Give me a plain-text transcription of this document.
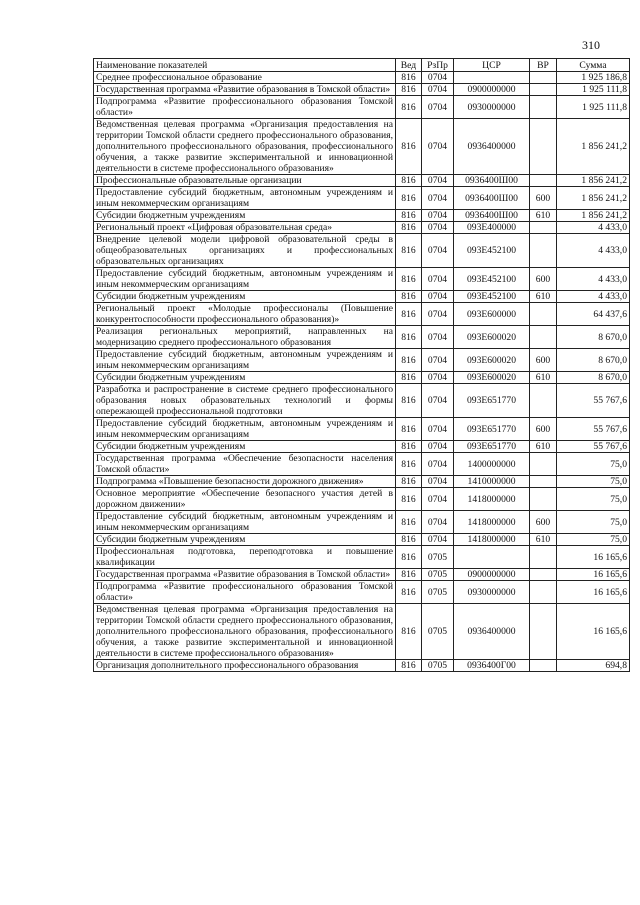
310
Наименование показателей	Вед	РзПр	ЦСР	ВР	Сумма
Среднее профессиональное образование	816	0704			1 925 186,8
Государственная программа «Развитие образования в Томской области»	816	0704	0900000000		1 925 111,8
Подпрограмма «Развитие профессионального образования Томской области»	816	0704	0930000000		1 925 111,8
Ведомственная целевая программа «Организация предоставления на территории Томской области среднего профессионального образования, дополнительного профессионального образования, профессионального обучения, а также развитие экспериментальной и инновационной деятельности в системе профессионального образования»	816	0704	0936400000		1 856 241,2
Профессиональные образовательные организации	816	0704	0936400Ш00		1 856 241,2
Предоставление субсидий бюджетным, автономным учреждениям и иным некоммерческим организациям	816	0704	0936400Ш00	600	1 856 241,2
Субсидии бюджетным учреждениям	816	0704	0936400Ш00	610	1 856 241,2
Региональный проект «Цифровая образовательная среда»	816	0704	093E400000		4 433,0
Внедрение целевой модели цифровой образовательной среды в общеобразовательных организациях и профессиональных образовательных организациях	816	0704	093E452100		4 433,0
Предоставление субсидий бюджетным, автономным учреждениям и иным некоммерческим организациям	816	0704	093E452100	600	4 433,0
Субсидии бюджетным учреждениям	816	0704	093E452100	610	4 433,0
Региональный проект «Молодые профессионалы (Повышение конкурентоспособности профессионального образования)»	816	0704	093E600000		64 437,6
Реализация региональных мероприятий, направленных на модернизацию среднего профессионального образования	816	0704	093E600020		8 670,0
Предоставление субсидий бюджетным, автономным учреждениям и иным некоммерческим организациям	816	0704	093E600020	600	8 670,0
Субсидии бюджетным учреждениям	816	0704	093E600020	610	8 670,0
Разработка и распространение в системе среднего профессионального образования новых образовательных технологий и формы опережающей профессиональной подготовки	816	0704	093E651770		55 767,6
Предоставление субсидий бюджетным, автономным учреждениям и иным некоммерческим организациям	816	0704	093E651770	600	55 767,6
Субсидии бюджетным учреждениям	816	0704	093E651770	610	55 767,6
Государственная программа «Обеспечение безопасности населения Томской области»	816	0704	1400000000		75,0
Подпрограмма «Повышение безопасности дорожного движения»	816	0704	1410000000		75,0
Основное мероприятие «Обеспечение безопасного участия детей в дорожном движении»	816	0704	1418000000		75,0
Предоставление субсидий бюджетным, автономным учреждениям и иным некоммерческим организациям	816	0704	1418000000	600	75,0
Субсидии бюджетным учреждениям	816	0704	1418000000	610	75,0
Профессиональная подготовка, переподготовка и повышение квалификации	816	0705			16 165,6
Государственная программа «Развитие образования в Томской области»	816	0705	0900000000		16 165,6
Подпрограмма «Развитие профессионального образования Томской области»	816	0705	0930000000		16 165,6
Ведомственная целевая программа «Организация предоставления на территории Томской области среднего профессионального образования, дополнительного профессионального образования, профессионального обучения, а также развитие экспериментальной и инновационной деятельности в системе профессионального образования»	816	0705	0936400000		16 165,6
Организация дополнительного профессионального образования	816	0705	0936400Г00		694,8
